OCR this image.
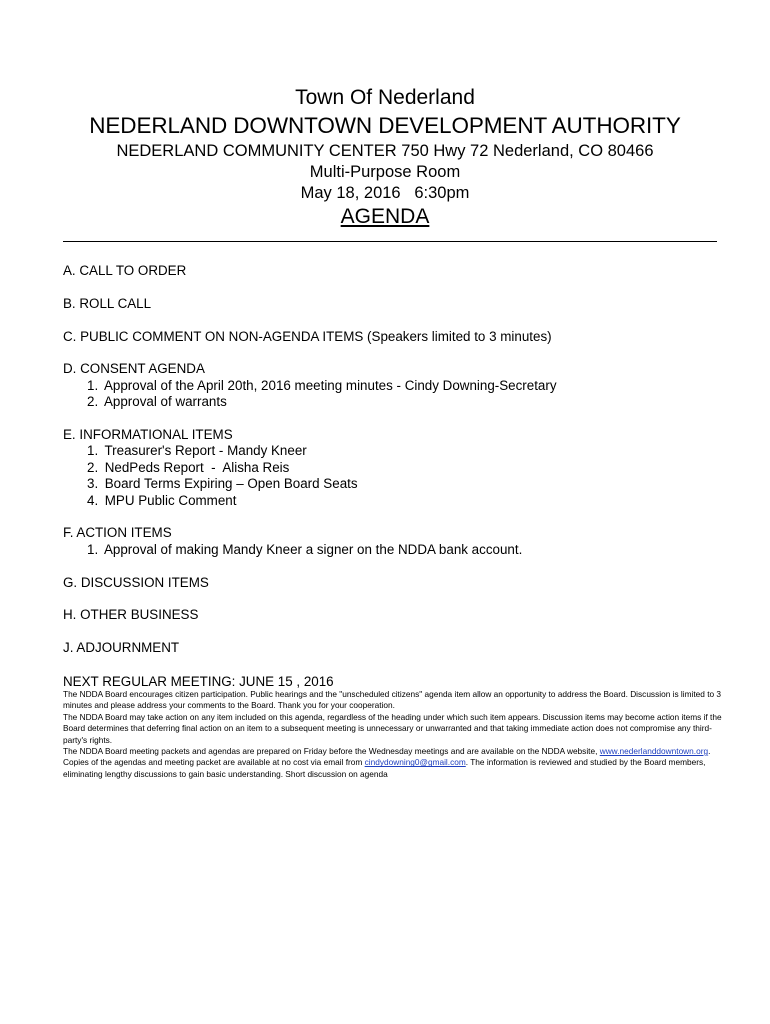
Town Of Nederland
NEDERLAND DOWNTOWN DEVELOPMENT AUTHORITY
NEDERLAND COMMUNITY CENTER 750 Hwy 72 Nederland, CO 80466
Multi-Purpose Room
May 18, 2016   6:30pm
AGENDA
A. CALL TO ORDER
B. ROLL CALL
C. PUBLIC COMMENT ON NON-AGENDA ITEMS (Speakers limited to 3 minutes)
D. CONSENT AGENDA
1. Approval of the April 20th, 2016 meeting minutes - Cindy Downing-Secretary
2. Approval of warrants
E. INFORMATIONAL ITEMS
1. Treasurer's Report - Mandy Kneer
2. NedPeds Report  -  Alisha Reis
3. Board Terms Expiring – Open Board Seats
4. MPU Public Comment
F. ACTION ITEMS
1. Approval of making Mandy Kneer a signer on the NDDA bank account.
G. DISCUSSION ITEMS
H. OTHER BUSINESS
J. ADJOURNMENT
NEXT REGULAR MEETING: JUNE 15 , 2016

The NDDA Board encourages citizen participation. Public hearings and the "unscheduled citizens" agenda item allow an opportunity to address the Board. Discussion is limited to 3 minutes and please address your comments to the Board. Thank you for your cooperation.

The NDDA Board may take action on any item included on this agenda, regardless of the heading under which such item appears. Discussion items may become action items if the Board determines that deferring final action on an item to a subsequent meeting is unnecessary or unwarranted and that taking immediate action does not compromise any third-party's rights.

The NDDA Board meeting packets and agendas are prepared on Friday before the Wednesday meetings and are available on the NDDA website, www.nederlanddowntown.org. Copies of the agendas and meeting packet are available at no cost via email from cindydowning0@gmail.com. The information is reviewed and studied by the Board members, eliminating lengthy discussions to gain basic understanding. Short discussion on agenda
